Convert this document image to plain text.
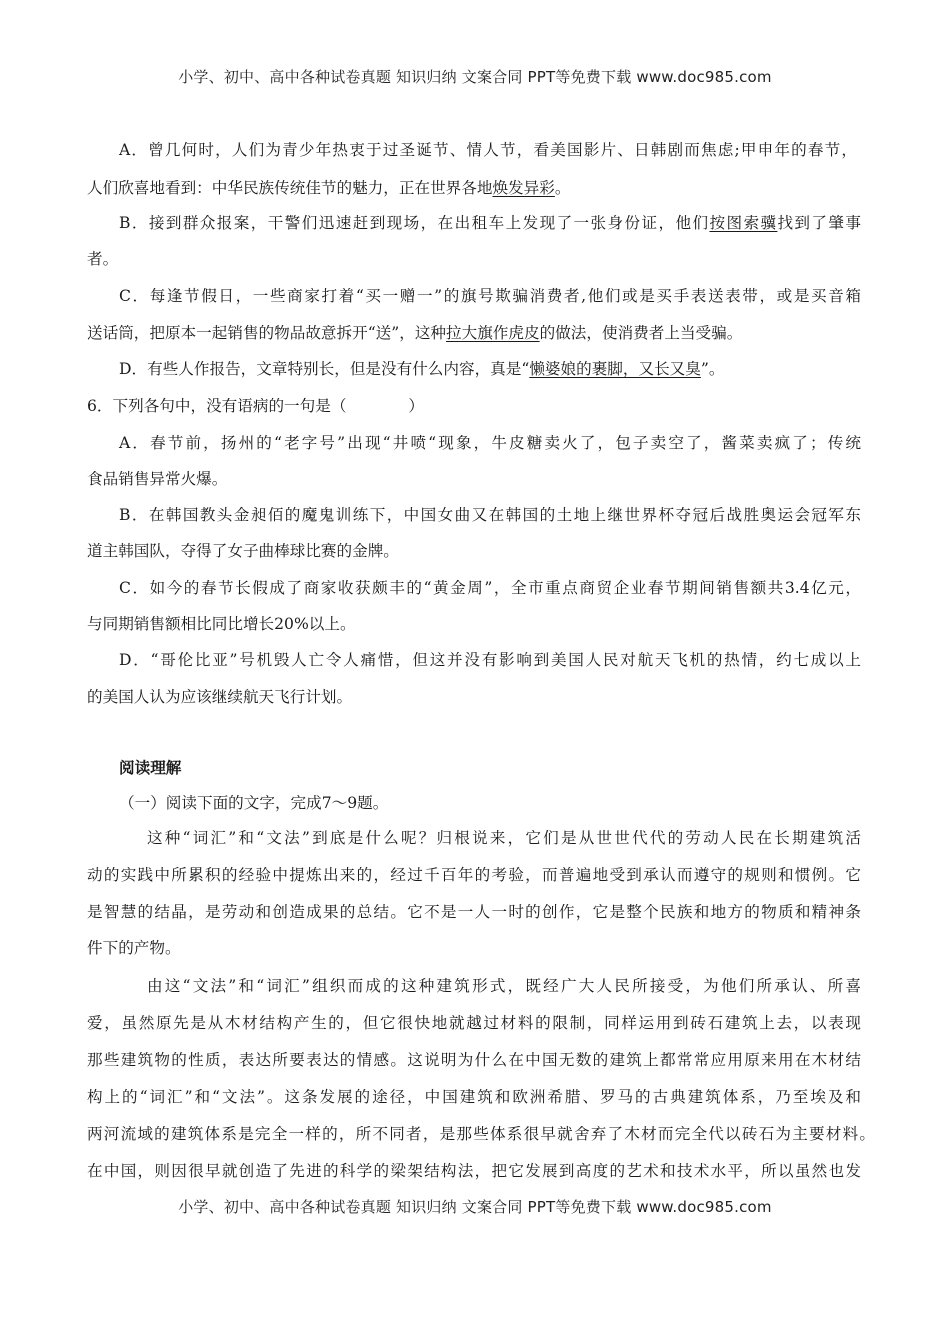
小学、初中、高中各种试卷真题 知识归纳 文案合同 PPT等免费下载 www.doc985.com
A．曾几何时，人们为青少年热衷于过圣诞节、情人节，看美国影片、日韩剧而焦虑;甲申年的春节，
人们欣喜地看到：中华民族传统佳节的魅力，正在世界各地焕发异彩。
B．接到群众报案，干警们迅速赶到现场，在出租车上发现了一张身份证，他们按图索骥找到了肇事
者。
C．每逢节假日，一些商家打着“买一赠一”的旗号欺骗消费者,他们或是买手表送表带，或是买音箱
送话筒，把原本一起销售的物品故意拆开“送”，这种拉大旗作虎皮的做法，使消费者上当受骗。
D．有些人作报告，文章特别长，但是没有什么内容，真是“懒婆娘的裹脚，又长又臭”。
6．下列各句中，没有语病的一句是（	）
A．春节前，扬州的“老字号”出现“井喷“现象，牛皮糖卖火了，包子卖空了，酱菜卖疯了；传统
食品销售异常火爆。
B．在韩国教头金昶佰的魔鬼训练下，中国女曲又在韩国的土地上继世界杯夺冠后战胜奥运会冠军东
道主韩国队，夺得了女子曲棒球比赛的金牌。
C．如今的春节长假成了商家收获颇丰的“黄金周”，全市重点商贸企业春节期间销售额共3.4亿元，
与同期销售额相比同比增长20%以上。
D．“哥伦比亚”号机毁人亡令人痛惜，但这并没有影响到美国人民对航天飞机的热情，约七成以上
的美国人认为应该继续航天飞行计划。
阅读理解
（一）阅读下面的文字，完成7～9题。
这种“词汇”和“文法”到底是什么呢？归根说来，它们是从世世代代的劳动人民在长期建筑活
动的实践中所累积的经验中提炼出来的，经过千百年的考验，而普遍地受到承认而遵守的规则和惯例。它
是智慧的结晶，是劳动和创造成果的总结。它不是一人一时的创作，它是整个民族和地方的物质和精神条
件下的产物。
由这“文法”和“词汇”组织而成的这种建筑形式，既经广大人民所接受，为他们所承认、所喜
爱，虽然原先是从木材结构产生的，但它很快地就越过材料的限制，同样运用到砖石建筑上去，以表现
那些建筑物的性质，表达所要表达的情感。这说明为什么在中国无数的建筑上都常常应用原来用在木材结
构上的“词汇”和“文法”。这条发展的途径，中国建筑和欧洲希腊、罗马的古典建筑体系，乃至埃及和
两河流域的建筑体系是完全一样的，所不同者，是那些体系很早就舍弃了木材而完全代以砖石为主要材料。
在中国，则因很早就创造了先进的科学的梁架结构法，把它发展到高度的艺术和技术水平，所以虽然也发
小学、初中、高中各种试卷真题 知识归纳 文案合同 PPT等免费下载 www.doc985.com
